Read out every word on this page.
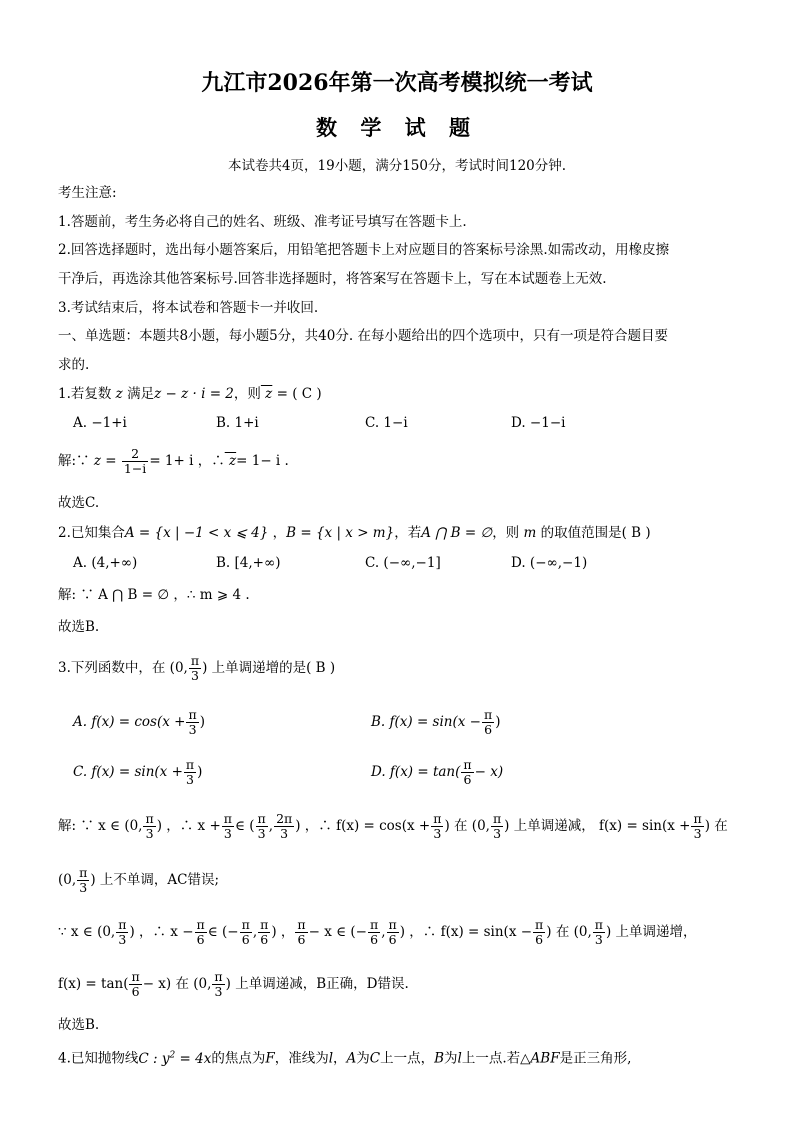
九江市2026年第一次高考模拟统一考试
数 学 试 题
本试卷共4页，19小题，满分150分，考试时间120分钟.
考生注意:
1.答题前，考生务必将自己的姓名、班级、准考证号填写在答题卡上.
2.回答选择题时，选出每小题答案后，用铅笔把答题卡上对应题目的答案标号涂黑.如需改动，用橡皮擦
干净后，再选涂其他答案标号.回答非选择题时，将答案写在答题卡上，写在本试题卷上无效.
3.考试结束后，将本试卷和答题卡一并收回.
一、单选题：本题共8小题，每小题5分，共40分. 在每小题给出的四个选项中，只有一项是符合题目要
求的.
1.若复数 z 满足z − z · i = 2，则 z = ( C )
A. −1+i	B. 1+i	C. 1−i	D. −1−i
解:∵ $z = \frac{2}{1-i} = 1+ i$ ，∴ z= 1− i .
故选C.
2.已知集合A = {x | −1 < x ⩽ 4} ，B = {x | x > m}，若A ⋂ B = ∅，则 m 的取值范围是( B )
A. (4,+∞)	B. [4,+∞)	C. (−∞,−1]	D. (−∞,−1)
解: ∵ A ⋂ B = ∅ ，∴ m ⩾ 4 .
故选B.
3.下列函数中，在 (0, $\frac{\pi}{3}$ ) 上单调递增的是( B )
A. $f(x) = \cos(x + \frac{\pi}{3}$ )	B. $f(x) = \sin(x - \frac{\pi}{6}$ )
C. $f(x) = \sin(x + \frac{\pi}{3}$ )	D. $f(x) = \tan( \frac{\pi}{6} - x)$
解: ∵ x ∈ (0, $\frac{\pi}{3}$ ) ，∴ $x + \frac{\pi}{3}$ ∈ ( $\frac{\pi}{3}$ , $\frac{2\pi}{3}$ ) ，∴ $f(x) = \cos(x + \frac{\pi}{3}$ ) 在 (0, $\frac{\pi}{3}$ ) 上单调递减， $f(x) = \sin(x + \frac{\pi}{3}$ ) 在
(0, $\frac{\pi}{3}$ ) 上不单调，AC错误;
∵ x ∈ (0, $\frac{\pi}{3}$ ) ，∴ $x - \frac{\pi}{6}$ ∈ (− $\frac{\pi}{6}$ , $\frac{\pi}{6}$ ) ， $\frac{\pi}{6} - x$ ∈ (− $\frac{\pi}{6}$ , $\frac{\pi}{6}$ ) ，∴ $f(x) = \sin(x - \frac{\pi}{6}$ ) 在 (0, $\frac{\pi}{3}$ ) 上单调递增，
$f(x) = \tan( \frac{\pi}{6} - x)$ 在 (0, $\frac{\pi}{3}$ ) 上单调递减，B正确，D错误.
故选B.
4.已知抛物线C : $y^2 = 4x$的焦点为F，准线为l，A为C上一点，B为l上一点.若△ABF是正三角形,
